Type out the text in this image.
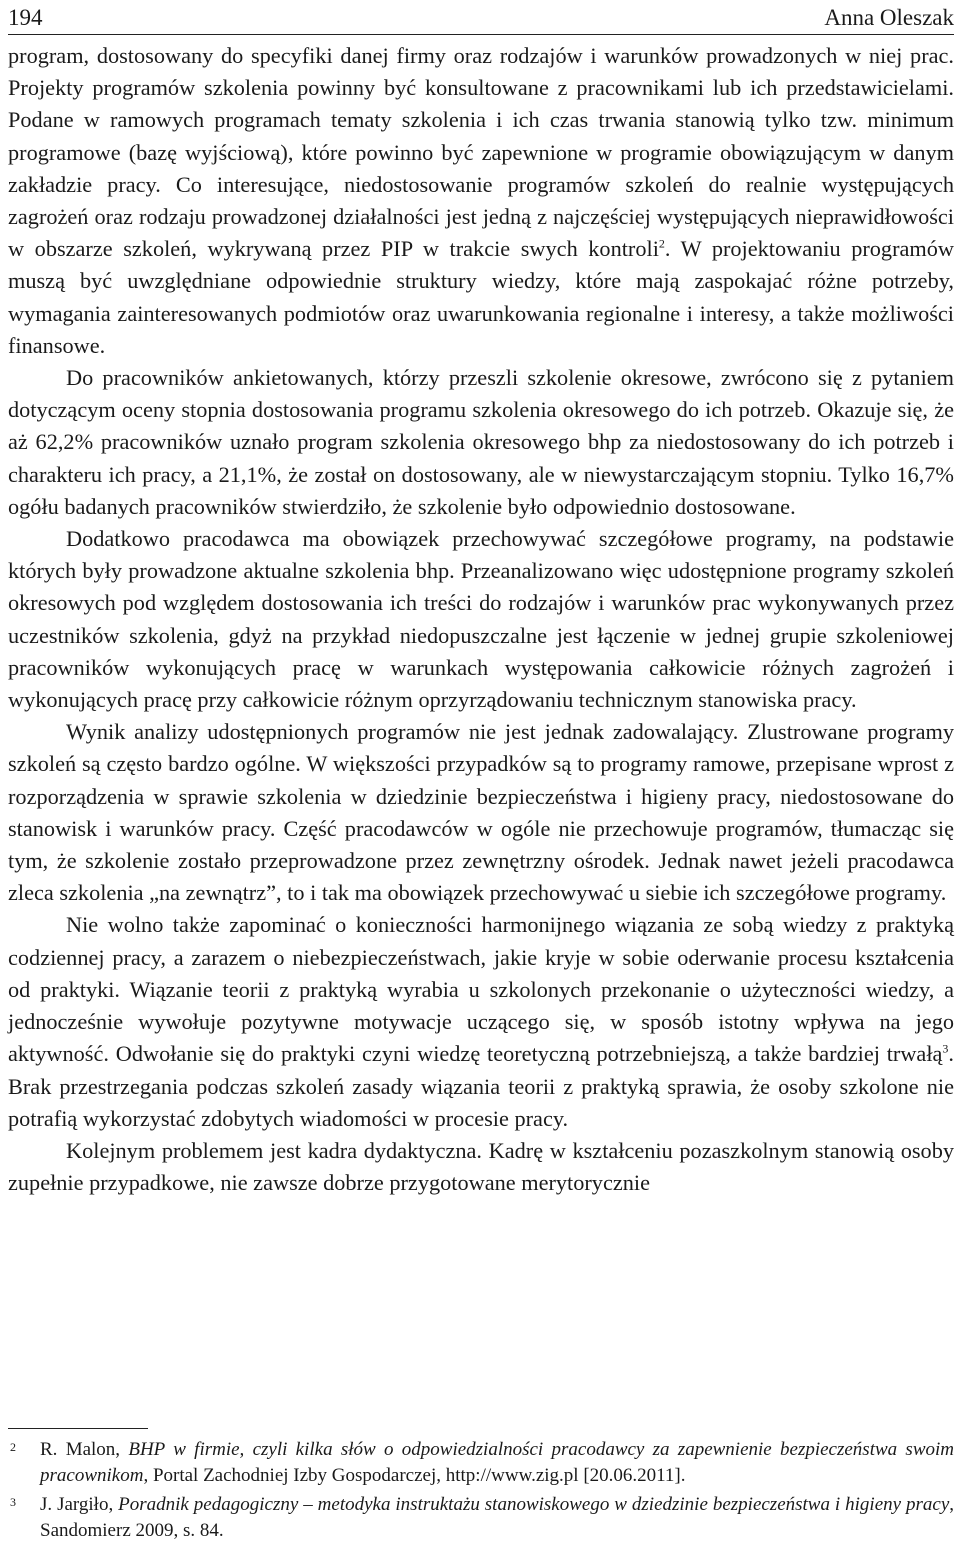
194	Anna Oleszak

program, dostosowany do specyfiki danej firmy oraz rodzajów i warunków prowadzonych w niej prac. Projekty programów szkolenia powinny być konsultowane z pracownikami lub ich przedstawicielami. Podane w ramowych programach tematy szkolenia i ich czas trwania stanowią tylko tzw. minimum programowe (bazę wyjściową), które powinno być zapewnione w programie obowiązującym w danym zakładzie pracy. Co interesujące, niedostosowanie programów szkoleń do realnie występujących zagrożeń oraz rodzaju prowadzonej działalności jest jedną z najczęściej występujących nieprawidłowości w obszarze szkoleń, wykrywaną przez PIP w trakcie swych kontroli$^2$. W projektowaniu programów muszą być uwzględniane odpowiednie struktury wiedzy, które mają zaspokajać różne potrzeby, wymagania zainteresowanych podmiotów oraz uwarunkowania regionalne i interesy, a także możliwości finansowe.

Do pracowników ankietowanych, którzy przeszli szkolenie okresowe, zwrócono się z pytaniem dotyczącym oceny stopnia dostosowania programu szkolenia okresowego do ich potrzeb. Okazuje się, że aż 62,2% pracowników uznało program szkolenia okresowego bhp za niedostosowany do ich potrzeb i charakteru ich pracy, a 21,1%, że został on dostosowany, ale w niewystarczającym stopniu. Tylko 16,7% ogółu badanych pracowników stwierdziło, że szkolenie było odpowiednio dostosowane.

Dodatkowo pracodawca ma obowiązek przechowywać szczegółowe programy, na podstawie których były prowadzone aktualne szkolenia bhp. Przeanalizowano więc udostępnione programy szkoleń okresowych pod względem dostosowania ich treści do rodzajów i warunków prac wykonywanych przez uczestników szkolenia, gdyż na przykład niedopuszczalne jest łączenie w jednej grupie szkoleniowej pracowników wykonujących pracę w warunkach występowania całkowicie różnych zagrożeń i wykonujących pracę przy całkowicie różnym oprzyrządowaniu technicznym stanowiska pracy.

Wynik analizy udostępnionych programów nie jest jednak zadowalający. Zlustrowane programy szkoleń są często bardzo ogólne. W większości przypadków są to programy ramowe, przepisane wprost z rozporządzenia w sprawie szkolenia w dziedzinie bezpieczeństwa i higieny pracy, niedostosowane do stanowisk i warunków pracy. Część pracodawców w ogóle nie przechowuje programów, tłumacząc się tym, że szkolenie zostało przeprowadzone przez zewnętrzny ośrodek. Jednak nawet jeżeli pracodawca zleca szkolenia „na zewnątrz”, to i tak ma obowiązek przechowywać u siebie ich szczegółowe programy.

Nie wolno także zapominać o konieczności harmonijnego wiązania ze sobą wiedzy z praktyką codziennej pracy, a zarazem o niebezpieczeństwach, jakie kryje w sobie oderwanie procesu kształcenia od praktyki. Wiązanie teorii z praktyką wyrabia u szkolonych przekonanie o użyteczności wiedzy, a jednocześnie wywołuje pozytywne motywacje uczącego się, w sposób istotny wpływa na jego aktywność. Odwołanie się do praktyki czyni wiedzę teoretyczną potrzebniejszą, a także bardziej trwałą$^3$. Brak przestrzegania podczas szkoleń zasady wiązania teorii z praktyką sprawia, że osoby szkolone nie potrafią wykorzystać zdobytych wiadomości w procesie pracy.

Kolejnym problemem jest kadra dydaktyczna. Kadrę w kształceniu pozaszkolnym stanowią osoby zupełnie przypadkowe, nie zawsze dobrze przygotowane merytorycznie

2	R. Malon, BHP w firmie, czyli kilka słów o odpowiedzialności pracodawcy za zapewnienie bezpieczeństwa swoim pracownikom, Portal Zachodniej Izby Gospodarczej, http://www.zig.pl [20.06.2011].
3	J. Jargiło, Poradnik pedagogiczny – metodyka instruktażu stanowiskowego w dziedzinie bezpieczeństwa i higieny pracy, Sandomierz 2009, s. 84.
